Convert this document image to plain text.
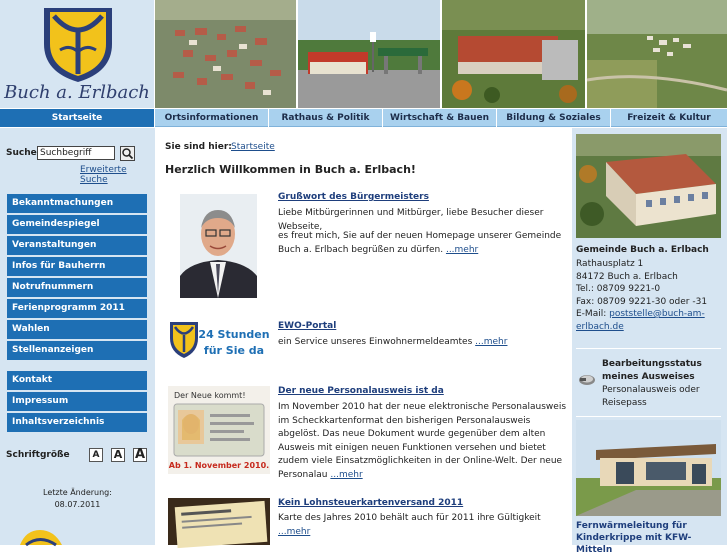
Buch a. Erlbach
Startseite	Ortsinformationen	Rathaus & Politik	Wirtschaft & Bauen	Bildung & Soziales	Freizeit & Kultur
Suche
Suchbegriff
Erweiterte Suche
Bekanntmachungen
Gemeindespiegel
Veranstaltungen
Infos für Bauherrn
Notrufnummern
Ferienprogramm 2011
Wahlen
Stellenanzeigen
Kontakt
Impressum
Inhaltsverzeichnis
Schriftgröße	A	A A
Letzte Änderung:
08.07.2011
Sie sind hier: Startseite
Herzlich Willkommen in Buch a. Erlbach!
Grußwort des Bürgermeisters
Liebe Mitbürgerinnen und Mitbürger, liebe Besucher dieser Webseite,
es freut mich, Sie auf der neuen Homepage unserer Gemeinde Buch a. Erlbach begrüßen zu dürfen. ...mehr
24 Stunden
für Sie da
EWO-Portal
ein Service unseres Einwohnermeldeamtes ...mehr
Der Neue kommt!
Ab 1. November 2010.
Der neue Personalausweis ist da
Im November 2010 hat der neue elektronische Personalausweis im Scheckkartenformat den bisherigen Personalausweis abgelöst. Das neue Dokument wurde gegenüber dem alten Ausweis mit einigen neuen Funktionen versehen und bietet zudem viele Einsatzmöglichkeiten in der Online-Welt. Der neue Personalau ...mehr
Kein Lohnsteuerkartenversand 2011
Karte des Jahres 2010 behält auch für 2011 ihre Gültigkeit ...mehr
Gemeinde Buch a. Erlbach
Rathausplatz 1
84172 Buch a. Erlbach
Tel.: 08709 9221-0
Fax: 08709 9221-30 oder -31
E-Mail: poststelle@buch-am-erlbach.de
Bearbeitungsstatus meines Ausweises
Personalausweis oder Reisepass
Fernwärmeleitung für Kinderkrippe mit KFW-Mitteln
